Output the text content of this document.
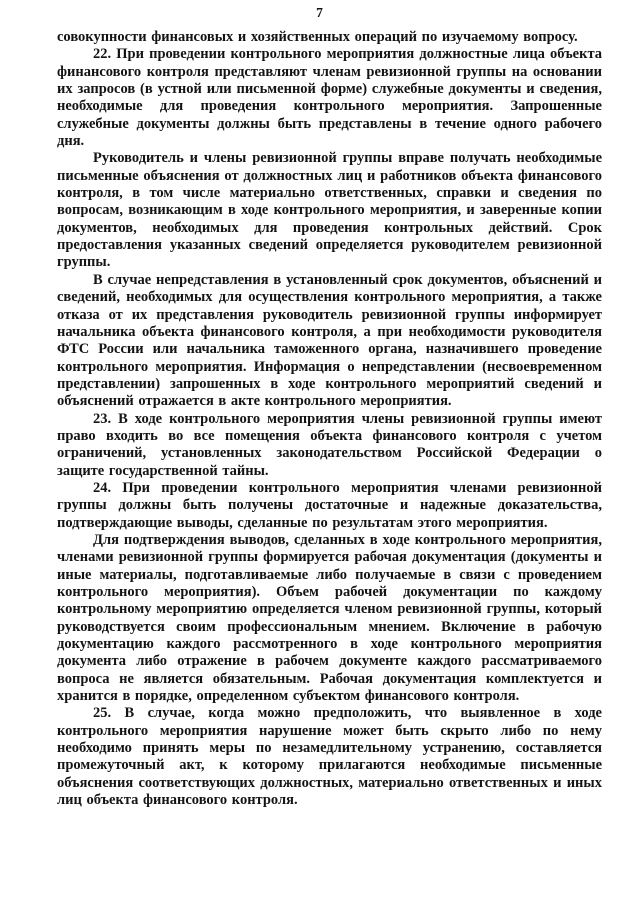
7

совокупности финансовых и хозяйственных операций по изучаемому вопросу.

22. При проведении контрольного мероприятия должностные лица объекта финансового контроля представляют членам ревизионной группы на основании их запросов (в устной или письменной форме) служебные документы и сведения, необходимые для проведения контрольного мероприятия. Запрошенные служебные документы должны быть представлены в течение одного рабочего дня.

Руководитель и члены ревизионной группы вправе получать необходимые письменные объяснения от должностных лиц и работников объекта финансового контроля, в том числе материально ответственных, справки и сведения по вопросам, возникающим в ходе контрольного мероприятия, и заверенные копии документов, необходимых для проведения контрольных действий. Срок предоставления указанных сведений определяется руководителем ревизионной группы.

В случае непредставления в установленный срок документов, объяснений и сведений, необходимых для осуществления контрольного мероприятия, а также отказа от их представления руководитель ревизионной группы информирует начальника объекта финансового контроля, а при необходимости руководителя ФТС России или начальника таможенного органа, назначившего проведение контрольного мероприятия. Информация о непредставлении (несвоевременном представлении) запрошенных в ходе контрольного мероприятий сведений и объяснений отражается в акте контрольного мероприятия.

23. В ходе контрольного мероприятия члены ревизионной группы имеют право входить во все помещения объекта финансового контроля с учетом ограничений, установленных законодательством Российской Федерации о защите государственной тайны.

24. При проведении контрольного мероприятия членами ревизионной группы должны быть получены достаточные и надежные доказательства, подтверждающие выводы, сделанные по результатам этого мероприятия.

Для подтверждения выводов, сделанных в ходе контрольного мероприятия, членами ревизионной группы формируется рабочая документация (документы и иные материалы, подготавливаемые либо получаемые в связи с проведением контрольного мероприятия). Объем рабочей документации по каждому контрольному мероприятию определяется членом ревизионной группы, который руководствуется своим профессиональным мнением. Включение в рабочую документацию каждого рассмотренного в ходе контрольного мероприятия документа либо отражение в рабочем документе каждого рассматриваемого вопроса не является обязательным. Рабочая документация комплектуется и хранится в порядке, определенном субъектом финансового контроля.

25. В случае, когда можно предположить, что выявленное в ходе контрольного мероприятия нарушение может быть скрыто либо по нему необходимо принять меры по незамедлительному устранению, составляется промежуточный акт, к которому прилагаются необходимые письменные объяснения соответствующих должностных, материально ответственных и иных лиц объекта финансового контроля.
